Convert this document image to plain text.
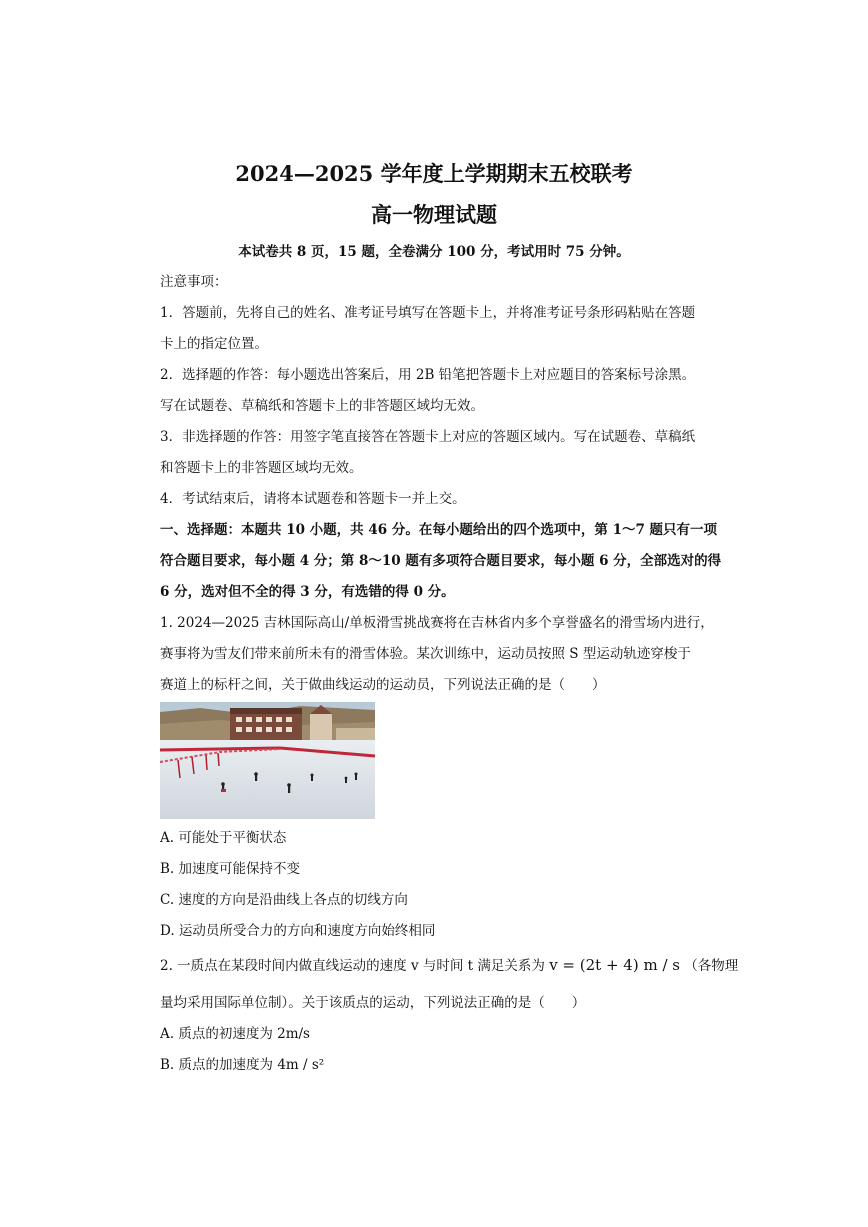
2024—2025 学年度上学期期末五校联考
高一物理试题
本试卷共 8 页，15 题，全卷满分 100 分，考试用时 75 分钟。
注意事项：
1．答题前，先将自己的姓名、准考证号填写在答题卡上，并将准考证号条形码粘贴在答题
卡上的指定位置。
2．选择题的作答：每小题选出答案后，用 2B 铅笔把答题卡上对应题目的答案标号涂黑。
写在试题卷、草稿纸和答题卡上的非答题区域均无效。
3．非选择题的作答：用签字笔直接答在答题卡上对应的答题区域内。写在试题卷、草稿纸
和答题卡上的非答题区域均无效。
4．考试结束后，请将本试题卷和答题卡一并上交。
一、选择题：本题共 10 小题，共 46 分。在每小题给出的四个选项中，第 1～7 题只有一项
符合题目要求，每小题 4 分；第 8～10 题有多项符合题目要求，每小题 6 分，全部选对的得
6 分，选对但不全的得 3 分，有选错的得 0 分。
1. 2024—2025 吉林国际高山/单板滑雪挑战赛将在吉林省内多个享誉盛名的滑雪场内进行，
赛事将为雪友们带来前所未有的滑雪体验。某次训练中，运动员按照 S 型运动轨迹穿梭于
赛道上的标杆之间，关于做曲线运动的运动员，下列说法正确的是（　　）
A. 可能处于平衡状态
B. 加速度可能保持不变
C. 速度的方向是沿曲线上各点的切线方向
D. 运动员所受合力的方向和速度方向始终相同
2. 一质点在某段时间内做直线运动的速度 v 与时间 t 满足关系为 v = (2t + 4) m / s （各物理
量均采用国际单位制）。关于该质点的运动，下列说法正确的是（　　）
A. 质点的初速度为 2m/s
B. 质点的加速度为 4m / s²
